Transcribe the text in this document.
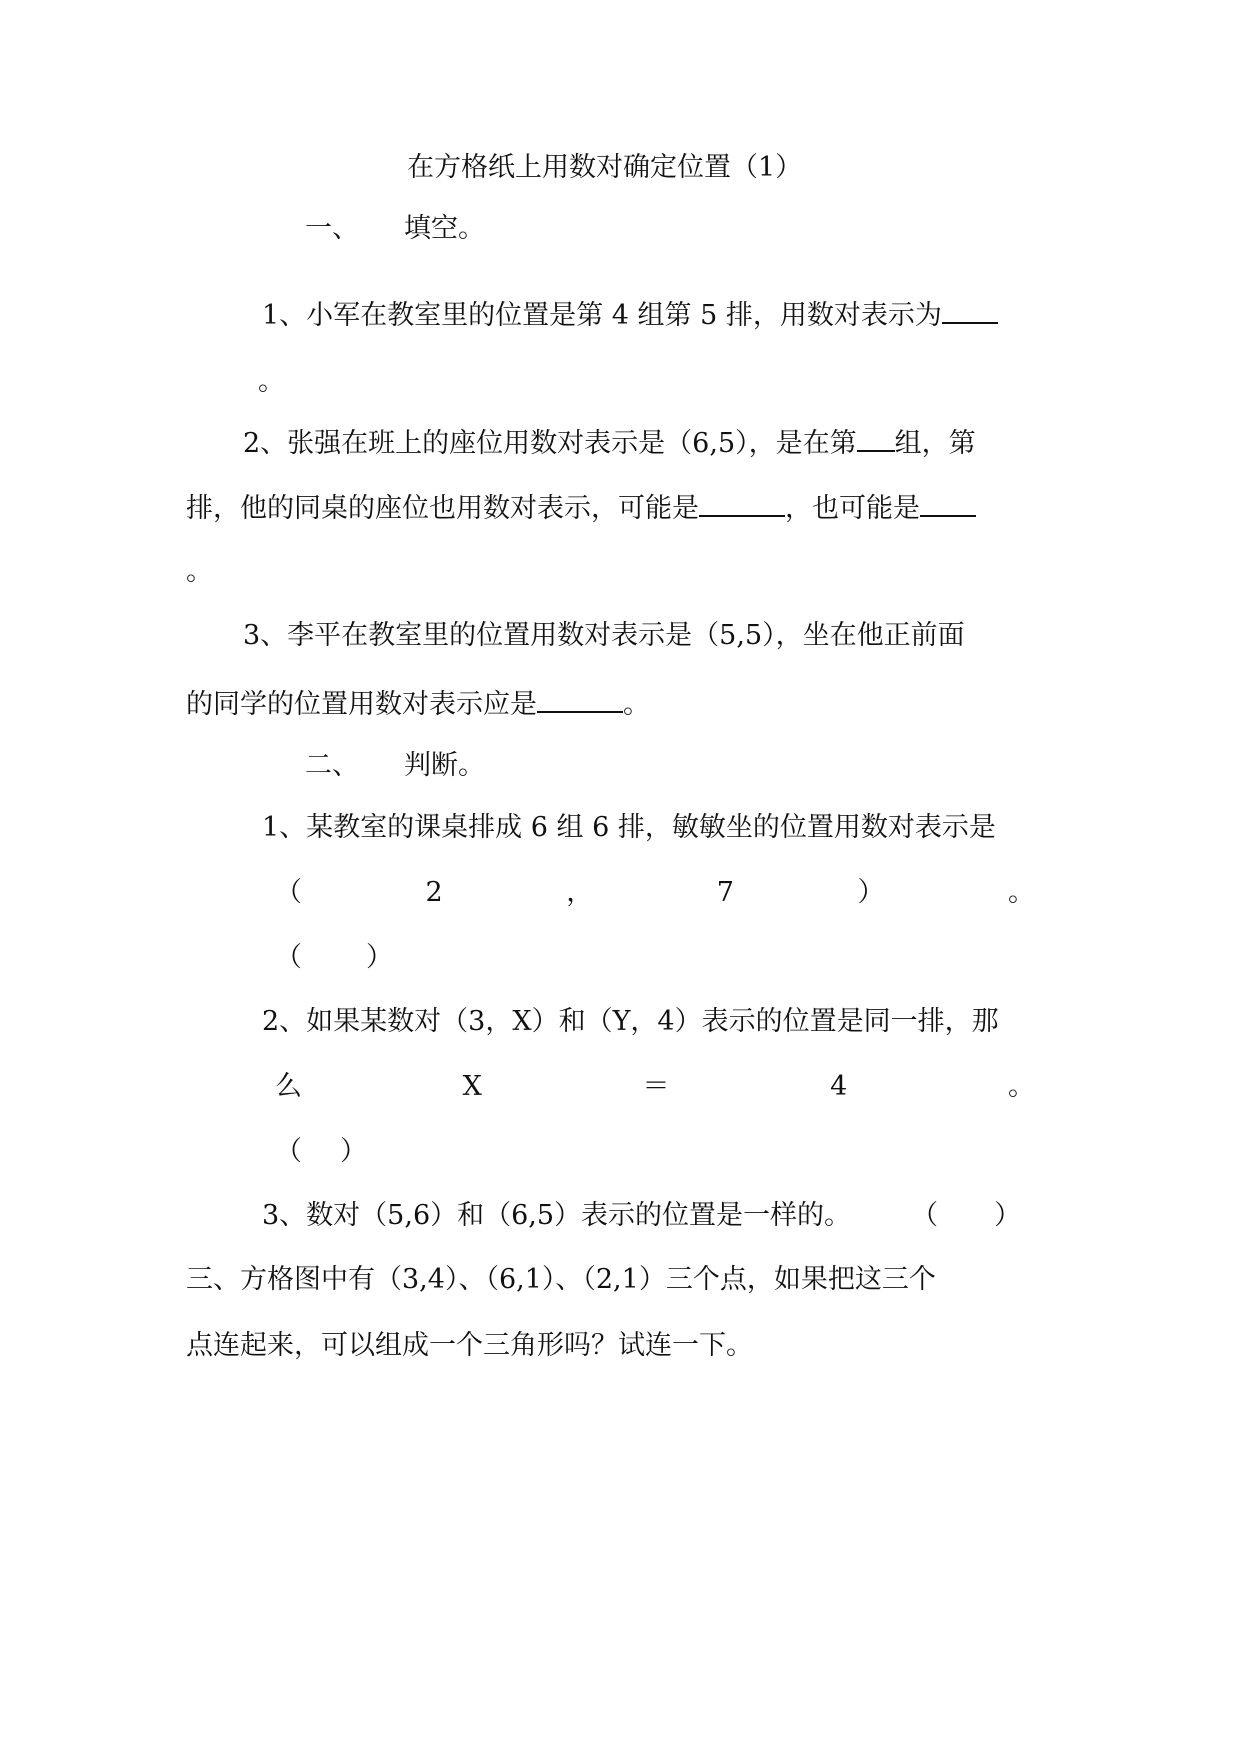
在方格纸上用数对确定位置（1）
一、 填空。
1、小军在教室里的位置是第 4 组第 5 排，用数对表示为
。
2、张强在班上的座位用数对表示是（6,5），是在第 组，第
排，他的同桌的座位也用数对表示，可能是	，也可能是
。
3、李平在教室里的位置用数对表示是（5,5），坐在他正前面
的同学的位置用数对表示应是	。
二、 判断。
1、某教室的课桌排成 6 组 6 排，敏敏坐的位置用数对表示是
（	2	，	7	）	。
（ ）
2、如果某数对（3，X）和（Y，4）表示的位置是同一排，那
么	X	＝	4	。
（ ）
3、数对（5,6）和（6,5）表示的位置是一样的。 （ ）
三、方格图中有（3,4）、（6,1）、（2,1）三个点，如果把这三个
点连起来，可以组成一个三角形吗？试连一下。
